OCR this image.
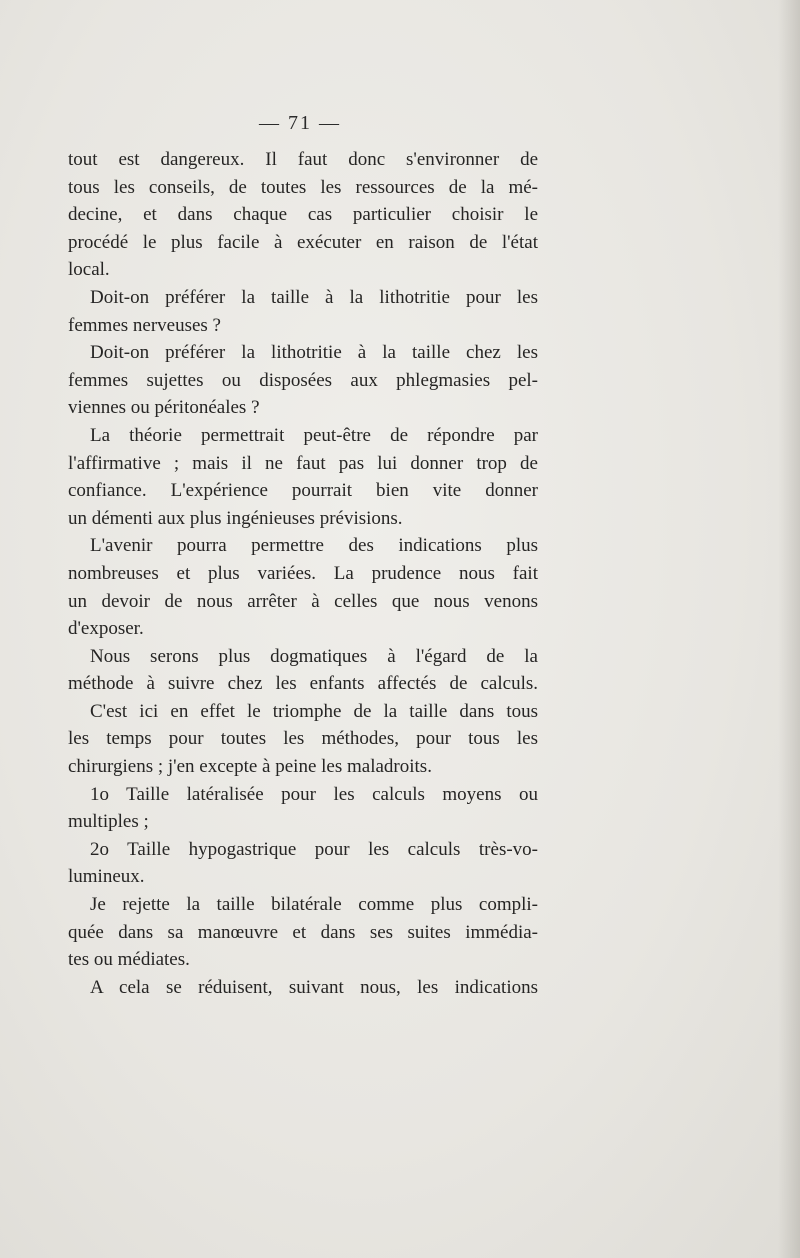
— 71 —
tout est dangereux. Il faut donc s'environner de
tous les conseils, de toutes les ressources de la mé-
decine, et dans chaque cas particulier choisir le
procédé le plus facile à exécuter en raison de l'état
local.
Doit-on préférer la taille à la lithotritie pour les
femmes nerveuses ?
Doit-on préférer la lithotritie à la taille chez les
femmes sujettes ou disposées aux phlegmasies pel-
viennes ou péritonéales ?
La théorie permettrait peut-être de répondre par
l'affirmative ; mais il ne faut pas lui donner trop de
confiance. L'expérience pourrait bien vite donner
un démenti aux plus ingénieuses prévisions.
L'avenir pourra permettre des indications plus
nombreuses et plus variées. La prudence nous fait
un devoir de nous arrêter à celles que nous venons
d'exposer.
Nous serons plus dogmatiques à l'égard de la
méthode à suivre chez les enfants affectés de calculs.
C'est ici en effet le triomphe de la taille dans tous
les temps pour toutes les méthodes, pour tous les
chirurgiens ; j'en excepte à peine les maladroits.
1o Taille latéralisée pour les calculs moyens ou
multiples ;
2o Taille hypogastrique pour les calculs très-vo-
lumineux.
Je rejette la taille bilatérale comme plus compli-
quée dans sa manœuvre et dans ses suites immédia-
tes ou médiates.
A cela se réduisent, suivant nous, les indications
